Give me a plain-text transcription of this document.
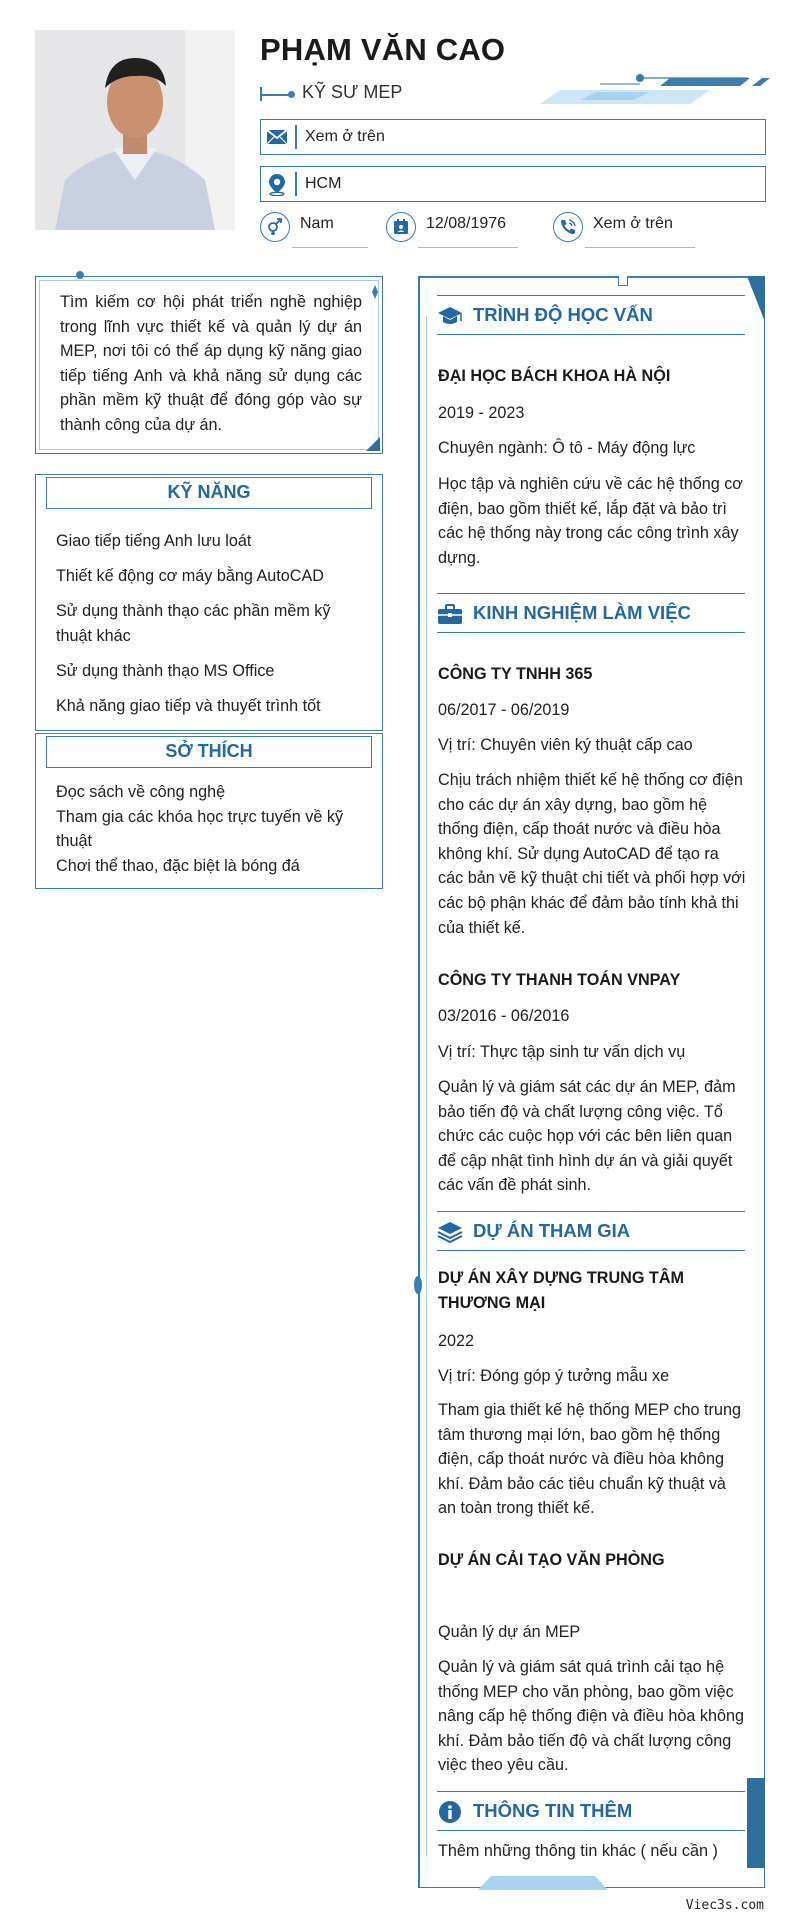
PHẠM VĂN CAO
KỸ SƯ MEP
Xem ở trên
HCM
Nam	12/08/1976	Xem ở trên

Tìm kiếm cơ hội phát triển nghề nghiệp trong lĩnh vực thiết kế và quản lý dự án MEP, nơi tôi có thể áp dụng kỹ năng giao tiếp tiếng Anh và khả năng sử dụng các phần mềm kỹ thuật để đóng góp vào sự thành công của dự án.

KỸ NĂNG
Giao tiếp tiếng Anh lưu loát
Thiết kế động cơ máy bằng AutoCAD
Sử dụng thành thạo các phần mềm kỹ thuật khác
Sử dụng thành thạo MS Office
Khả năng giao tiếp và thuyết trình tốt
SỞ THÍCH
Đọc sách về công nghệ
Tham gia các khóa học trực tuyến về kỹ thuật
Chơi thể thao, đặc biệt là bóng đá
TRÌNH ĐỘ HỌC VẤN
ĐẠI HỌC BÁCH KHOA HÀ NỘI
2019 - 2023
Chuyên ngành: Ô tô - Máy động lực
Học tập và nghiên cứu về các hệ thống cơ điện, bao gồm thiết kế, lắp đặt và bảo trì các hệ thống này trong các công trình xây dựng.
KINH NGHIỆM LÀM VIỆC
CÔNG TY TNHH 365
06/2017 - 06/2019
Vị trí: Chuyên viên ký thuật cấp cao
Chịu trách nhiệm thiết kế hệ thống cơ điện cho các dự án xây dựng, bao gồm hệ thống điện, cấp thoát nước và điều hòa không khí. Sử dụng AutoCAD để tạo ra các bản vẽ kỹ thuật chi tiết và phối hợp với các bộ phận khác để đảm bảo tính khả thi của thiết kế.
CÔNG TY THANH TOÁN VNPAY
03/2016 - 06/2016
Vị trí: Thực tập sinh tư vấn dịch vụ
Quản lý và giám sát các dự án MEP, đảm bảo tiến độ và chất lượng công việc. Tổ chức các cuộc họp với các bên liên quan để cập nhật tình hình dự án và giải quyết các vấn đề phát sinh.
DỰ ÁN THAM GIA
DỰ ÁN XÂY DỰNG TRUNG TÂM THƯƠNG MẠI
2022
Vị trí: Đóng góp ý tưởng mẫu xe
Tham gia thiết kế hệ thống MEP cho trung tâm thương mại lớn, bao gồm hệ thống điện, cấp thoát nước và điều hòa không khí. Đảm bảo các tiêu chuẩn kỹ thuật và an toàn trong thiết kế.
DỰ ÁN CẢI TẠO VĂN PHÒNG
Quản lý dự án MEP
Quản lý và giám sát quá trình cải tạo hệ thống MEP cho văn phòng, bao gồm việc nâng cấp hệ thống điện và điều hòa không khí. Đảm bảo tiến độ và chất lượng công việc theo yêu cầu.
THÔNG TIN THÊM
Thêm những thông tin khác ( nếu cần )
Viec3s.com
